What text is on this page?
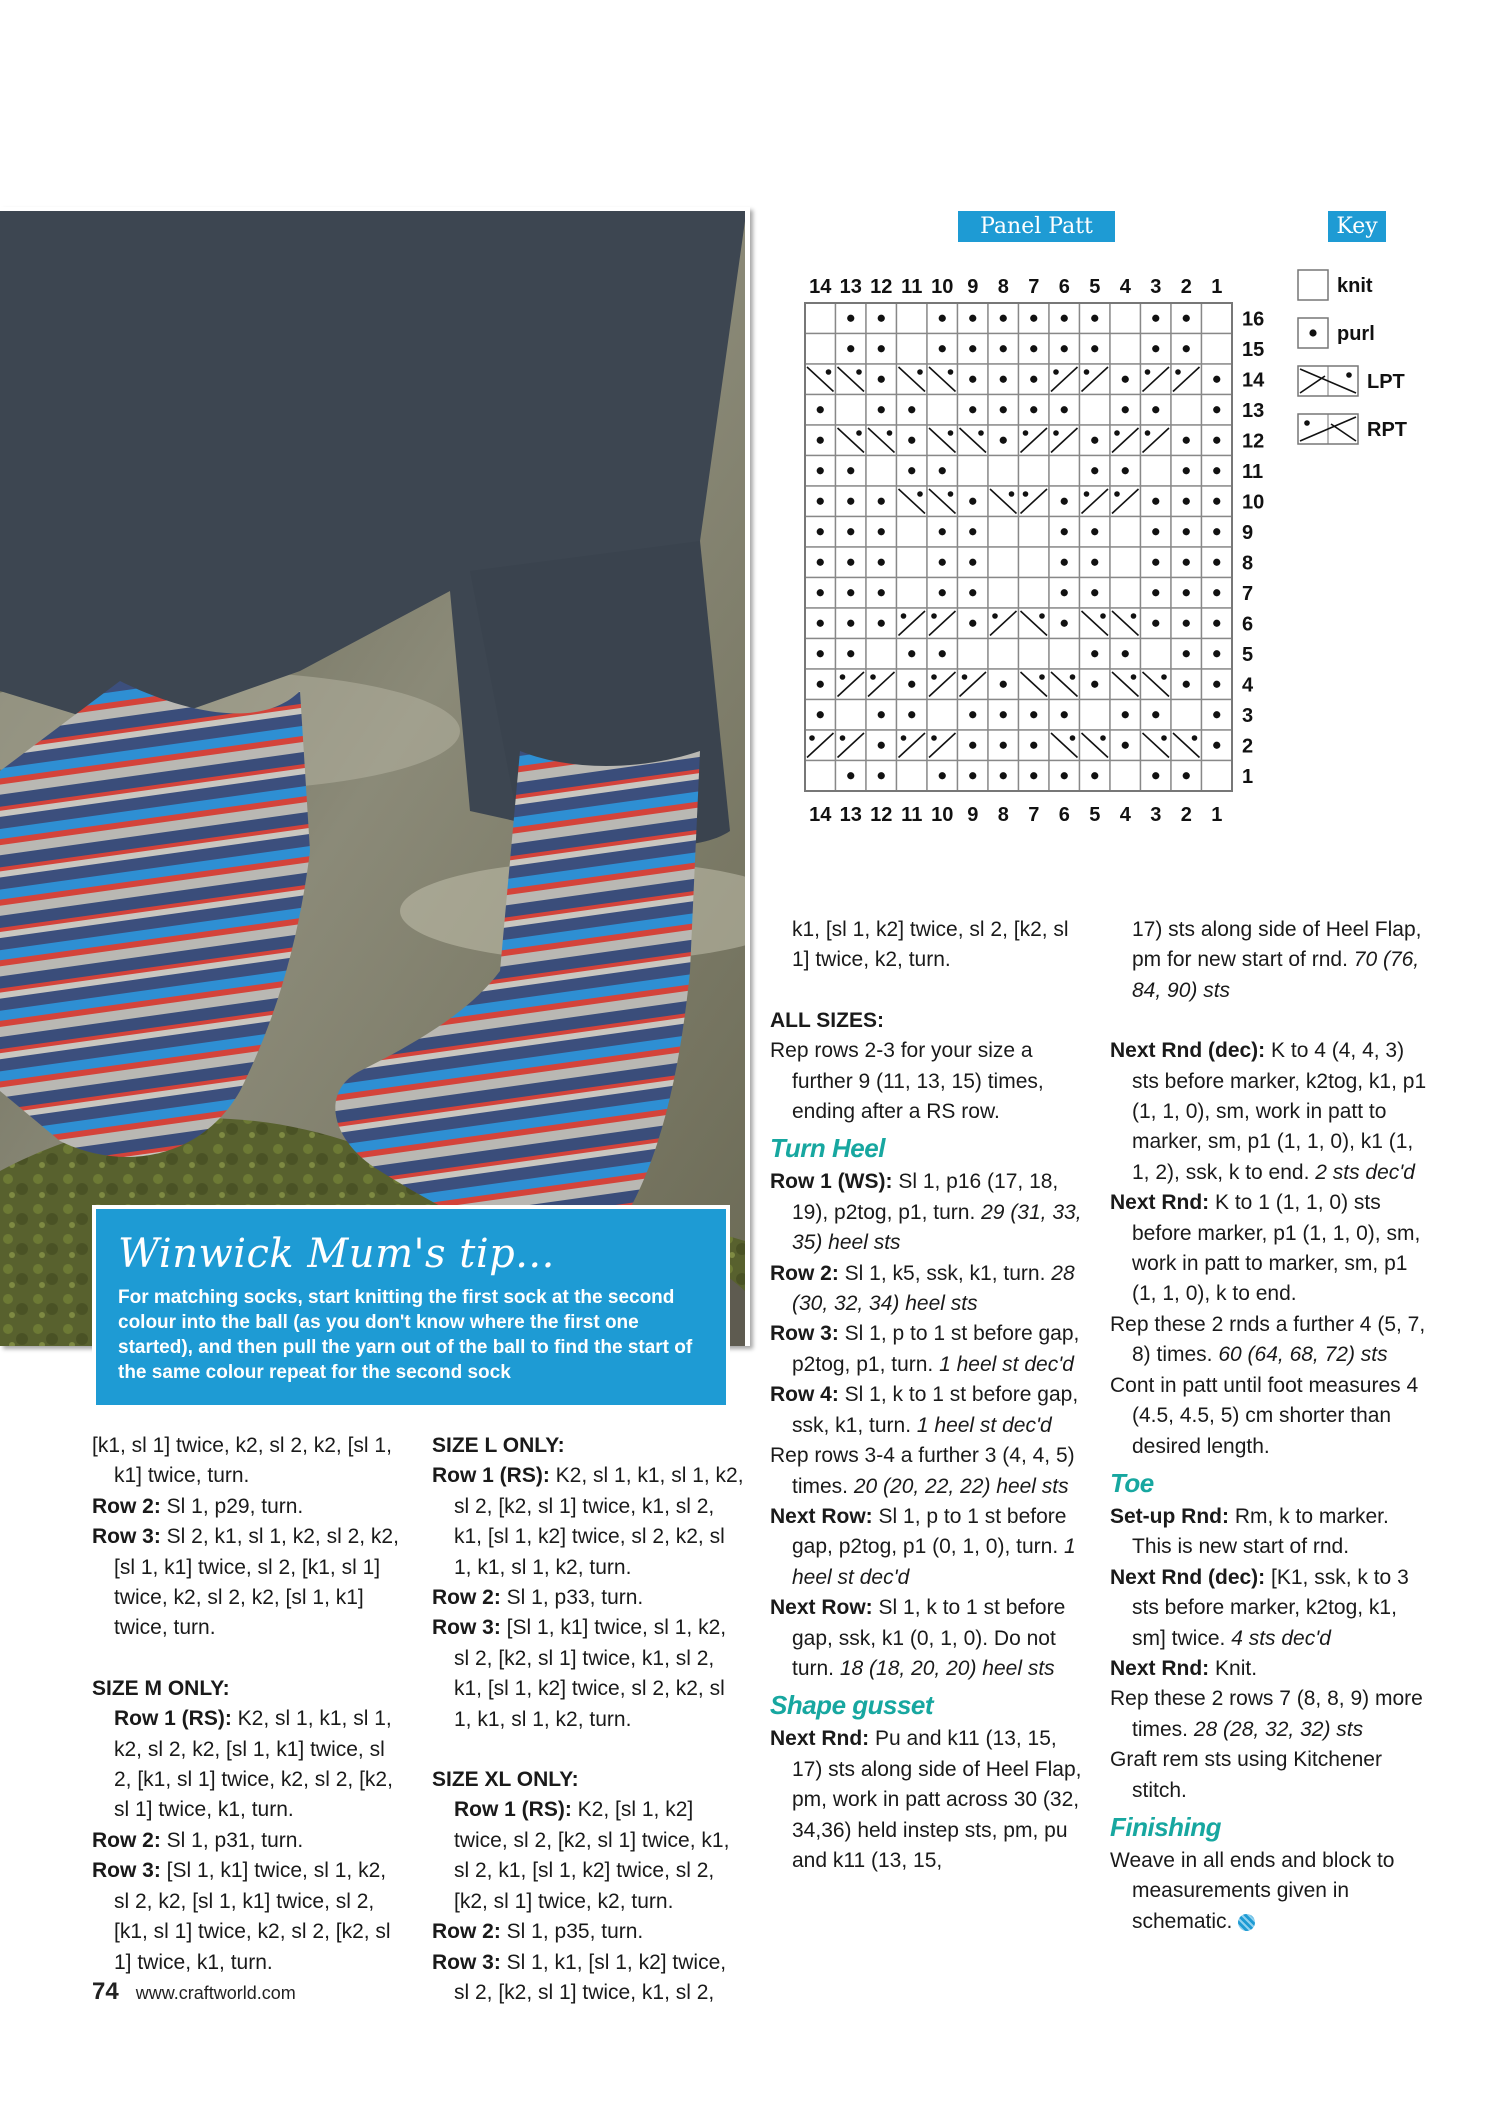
Winwick Mum's tip...
For matching socks, start knitting the first sock at the second colour into the ball (as you don't know where the first one started), and then pull the yarn out of the ball to find the start of the same colour repeat for the second sock
Panel Patt	Key
14 13 12 11 10 9 8 7 6 5 4 3 2 1
16
15
14
13
12
11
10
9
8
7
6
5
4
3
2
1
14 13 12 11 10 9 8 7 6 5 4 3 2 1
knit
purl
LPT
RPT
[k1, sl 1] twice, k2, sl 2, k2, [sl 1, k1] twice, turn.
Row 2: Sl 1, p29, turn.
Row 3: Sl 2, k1, sl 1, k2, sl 2, k2, [sl 1, k1] twice, sl 2, [k1, sl 1] twice, k2, sl 2, k2, [sl 1, k1] twice, turn.
SIZE M ONLY:
Row 1 (RS): K2, sl 1, k1, sl 1, k2, sl 2, k2, [sl 1, k1] twice, sl 2, [k1, sl 1] twice, k2, sl 2, [k2, sl 1] twice, k1, turn.
Row 2: Sl 1, p31, turn.
Row 3: [Sl 1, k1] twice, sl 1, k2, sl 2, k2, [sl 1, k1] twice, sl 2, [k1, sl 1] twice, k2, sl 2, [k2, sl 1] twice, k1, turn.
SIZE L ONLY:
Row 1 (RS): K2, sl 1, k1, sl 1, k2, sl 2, [k2, sl 1] twice, k1, sl 2, k1, [sl 1, k2] twice, sl 2, k2, sl 1, k1, sl 1, k2, turn.
Row 2: Sl 1, p33, turn.
Row 3: [Sl 1, k1] twice, sl 1, k2, sl 2, [k2, sl 1] twice, k1, sl 2, k1, [sl 1, k2] twice, sl 2, k2, sl 1, k1, sl 1, k2, turn.
SIZE XL ONLY:
Row 1 (RS): K2, [sl 1, k2] twice, sl 2, [k2, sl 1] twice, k1, sl 2, k1, [sl 1, k2] twice, sl 2, [k2, sl 1] twice, k2, turn.
Row 2: Sl 1, p35, turn.
Row 3: Sl 1, k1, [sl 1, k2] twice, sl 2, [k2, sl 1] twice, k1, sl 2,
k1, [sl 1, k2] twice, sl 2, [k2, sl 1] twice, k2, turn.
ALL SIZES:
Rep rows 2-3 for your size a further 9 (11, 13, 15) times, ending after a RS row.
Turn Heel
Row 1 (WS): Sl 1, p16 (17, 18, 19), p2tog, p1, turn. 29 (31, 33, 35) heel sts
Row 2: Sl 1, k5, ssk, k1, turn. 28 (30, 32, 34) heel sts
Row 3: Sl 1, p to 1 st before gap, p2tog, p1, turn. 1 heel st dec'd
Row 4: Sl 1, k to 1 st before gap, ssk, k1, turn. 1 heel st dec'd
Rep rows 3-4 a further 3 (4, 4, 5) times. 20 (20, 22, 22) heel sts
Next Row: Sl 1, p to 1 st before gap, p2tog, p1 (0, 1, 0), turn. 1 heel st dec'd
Next Row: Sl 1, k to 1 st before gap, ssk, k1 (0, 1, 0). Do not turn. 18 (18, 20, 20) heel sts
Shape gusset
Next Rnd: Pu and k11 (13, 15, 17) sts along side of Heel Flap, pm, work in patt across 30 (32, 34,36) held instep sts, pm, pu and k11 (13, 15,
17) sts along side of Heel Flap, pm for new start of rnd. 70 (76, 84, 90) sts
Next Rnd (dec): K to 4 (4, 4, 3) sts before marker, k2tog, k1, p1 (1, 1, 0), sm, work in patt to marker, sm, p1 (1, 1, 0), k1 (1, 1, 2), ssk, k to end. 2 sts dec'd
Next Rnd: K to 1 (1, 1, 0) sts before marker, p1 (1, 1, 0), sm, work in patt to marker, sm, p1 (1, 1, 0), k to end.
Rep these 2 rnds a further 4 (5, 7, 8) times. 60 (64, 68, 72) sts
Cont in patt until foot measures 4 (4.5, 4.5, 5) cm shorter than desired length.
Toe
Set-up Rnd: Rm, k to marker. This is new start of rnd.
Next Rnd (dec): [K1, ssk, k to 3 sts before marker, k2tog, k1, sm] twice. 4 sts dec'd
Next Rnd: Knit.
Rep these 2 rows 7 (8, 8, 9) more times. 28 (28, 32, 32) sts
Graft rem sts using Kitchener stitch.
Finishing
Weave in all ends and block to measurements given in schematic.
74 www.craftworld.com
